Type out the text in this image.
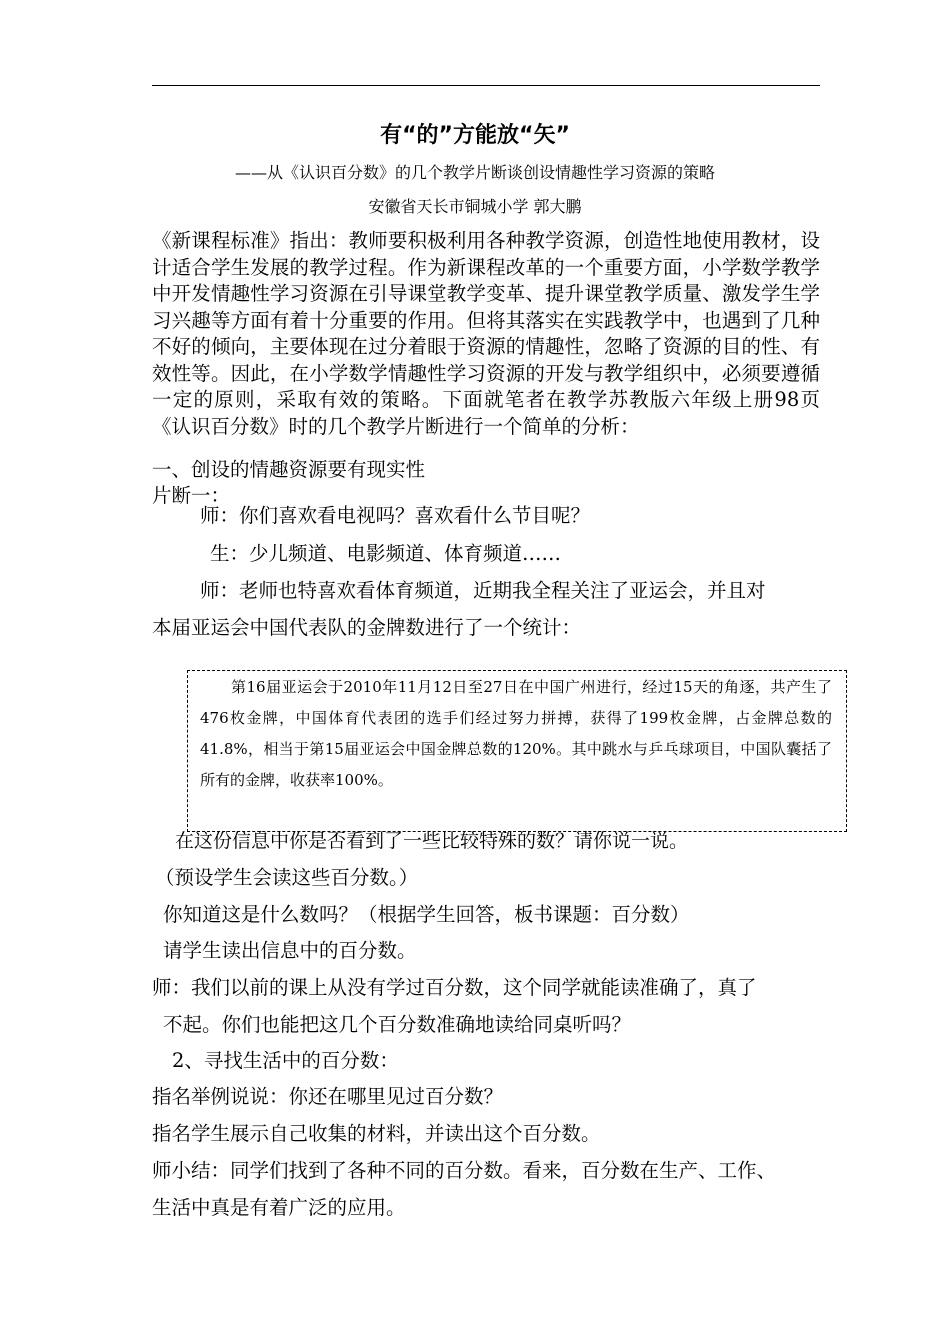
有“的”方能放“矢”
——从《认识百分数》的几个教学片断谈创设情趣性学习资源的策略
安徽省天长市铜城小学 郭大鹏

《新课程标准》指出：教师要积极利用各种教学资源，创造性地使用教材，设计适合学生发展的教学过程。作为新课程改革的一个重要方面，小学数学教学中开发情趣性学习资源在引导课堂教学变革、提升课堂教学质量、激发学生学习兴趣等方面有着十分重要的作用。但将其落实在实践教学中，也遇到了几种不好的倾向，主要体现在过分着眼于资源的情趣性，忽略了资源的目的性、有效性等。因此，在小学数学情趣性学习资源的开发与教学组织中，必须要遵循一定的原则，采取有效的策略。下面就笔者在教学苏教版六年级上册98页《认识百分数》时的几个教学片断进行一个简单的分析：

一、创设的情趣资源要有现实性

片断一：

师：你们喜欢看电视吗？喜欢看什么节目呢？

生：少儿频道、电影频道、体育频道……

师：老师也特喜欢看体育频道，近期我全程关注了亚运会，并且对

本届亚运会中国代表队的金牌数进行了一个统计：

　　第16届亚运会于2010年11月12日至27日在中国广州进行，经过15天的角逐，共产生了476枚金牌，中国体育代表团的选手们经过努力拼搏，获得了199枚金牌，占金牌总数的41.8%，相当于第15届亚运会中国金牌总数的120%。其中跳水与乒乓球项目，中国队囊括了所有的金牌，收获率100%。

在这份信息中你是否看到了一些比较特殊的数？请你说一说。

（预设学生会读这些百分数。）

你知道这是什么数吗？（根据学生回答，板书课题：百分数）

请学生读出信息中的百分数。

师：我们以前的课上从没有学过百分数，这个同学就能读准确了，真了

不起。你们也能把这几个百分数准确地读给同桌听吗？

2、寻找生活中的百分数：

指名举例说说：你还在哪里见过百分数？

指名学生展示自己收集的材料，并读出这个百分数。

师小结：同学们找到了各种不同的百分数。看来，百分数在生产、工作、

生活中真是有着广泛的应用。
